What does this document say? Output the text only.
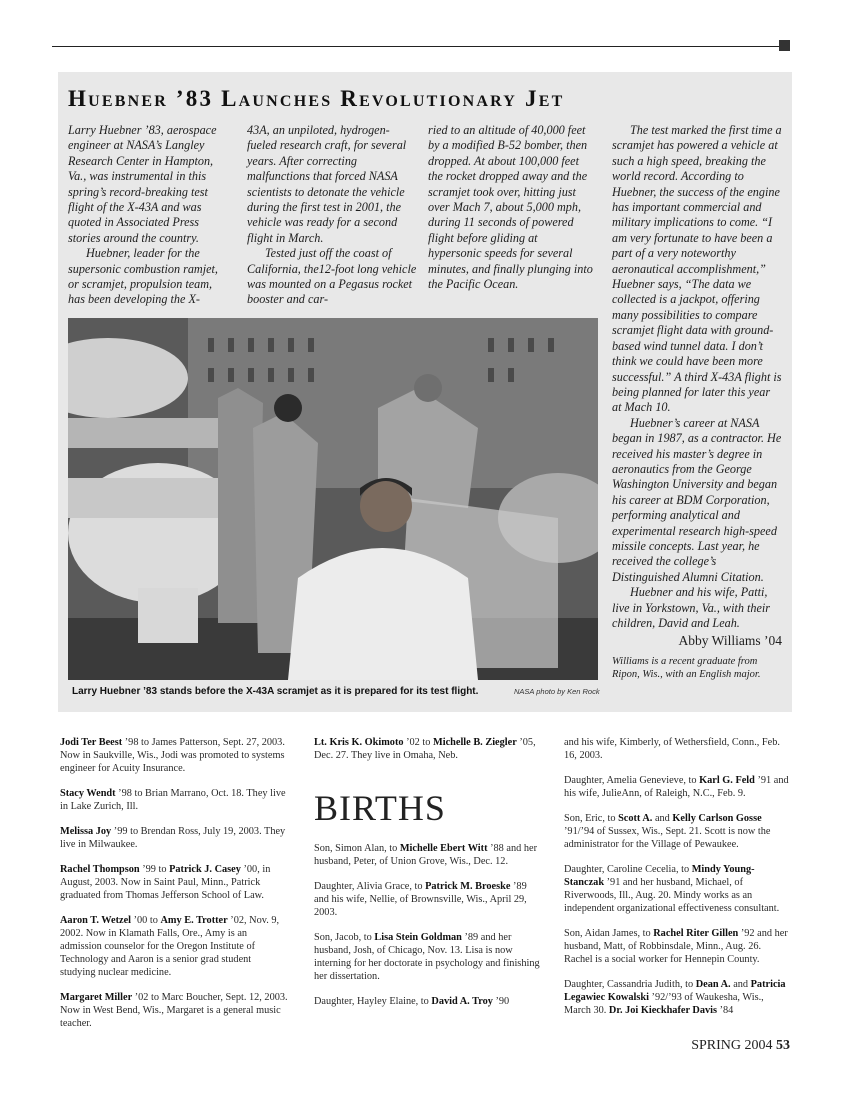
Huebner ’83 Launches Revolutionary Jet

Larry Huebner ’83, aerospace engineer at NASA’s Langley Research Center in Hampton, Va., was instrumental in this spring’s record-breaking test flight of the X-43A and was quoted in Associated Press stories around the country.

Huebner, leader for the supersonic combustion ramjet, or scramjet, propulsion team, has been developing the X-

43A, an unpiloted, hydrogen-fueled research craft, for several years. After correcting malfunctions that forced NASA scientists to detonate the vehicle during the first test in 2001, the vehicle was ready for a second flight in March.

Tested just off the coast of California, the12-foot long vehicle was mounted on a Pegasus rocket booster and car-

ried to an altitude of 40,000 feet by a modified B-52 bomber, then dropped. At about 100,000 feet the rocket dropped away and the scramjet took over, hitting just over Mach 7, about 5,000 mph, during 11 seconds of powered flight before gliding at hypersonic speeds for several minutes, and finally plunging into the Pacific Ocean.

The test marked the first time a scramjet has powered a vehicle at such a high speed, breaking the world record. According to Huebner, the success of the engine has important commercial and military implications to come. “I am very fortunate to have been a part of a very noteworthy aeronautical accomplishment,” Huebner says, “The data we collected is a jackpot, offering many possibilities to compare scramjet flight data with ground-based wind tunnel data. I don’t think we could have been more successful.” A third X-43A flight is being planned for later this year at Mach 10.

Huebner’s career at NASA began in 1987, as a contractor. He received his master’s degree in aeronautics from the George Washington University and began his career at BDM Corporation, performing analytical and experimental research high-speed missile concepts. Last year, he received the college’s Distinguished Alumni Citation.

Huebner and his wife, Patti, live in Yorkstown, Va., with their children, David and Leah.

Abby Williams ’04

Williams is a recent graduate from Ripon, Wis., with an English major.

Larry Huebner ’83 stands before the X-43A scramjet as it is prepared for its test flight.	NASA photo by Ken Rock

Jodi Ter Beest ’98 to James Patterson, Sept. 27, 2003. Now in Saukville, Wis., Jodi was promoted to systems engineer for Acuity Insurance.

Stacy Wendt ’98 to Brian Marrano, Oct. 18. They live in Lake Zurich, Ill.

Melissa Joy ’99 to Brendan Ross, July 19, 2003. They live in Milwaukee.

Rachel Thompson ’99 to Patrick J. Casey ’00, in August, 2003. Now in Saint Paul, Minn., Patrick graduated from Thomas Jefferson School of Law.

Aaron T. Wetzel ’00 to Amy E. Trotter ’02, Nov. 9, 2002. Now in Klamath Falls, Ore., Amy is an admission counselor for the Oregon Institute of Technology and Aaron is a senior grad student studying nuclear medicine.

Margaret Miller ’02 to Marc Boucher, Sept. 12, 2003. Now in West Bend, Wis., Margaret is a general music teacher.

Lt. Kris K. Okimoto ’02 to Michelle B. Ziegler ’05, Dec. 27. They live in Omaha, Neb.

BIRTHS

Son, Simon Alan, to Michelle Ebert Witt ’88 and her husband, Peter, of Union Grove, Wis., Dec. 12.

Daughter, Alivia Grace, to Patrick M. Broeske ’89 and his wife, Nellie, of Brownsville, Wis., April 29, 2003.

Son, Jacob, to Lisa Stein Goldman ’89 and her husband, Josh, of Chicago, Nov. 13. Lisa is now interning for her doctorate in psychology and finishing her dissertation.

Daughter, Hayley Elaine, to David A. Troy ’90

and his wife, Kimberly, of Wethersfield, Conn., Feb. 16, 2003.

Daughter, Amelia Genevieve, to Karl G. Feld ’91 and his wife, JulieAnn, of Raleigh, N.C., Feb. 9.

Son, Eric, to Scott A. and Kelly Carlson Gosse ’91/’94 of Sussex, Wis., Sept. 21. Scott is now the administrator for the Village of Pewaukee.

Daughter, Caroline Cecelia, to Mindy Young-Stanczak ’91 and her husband, Michael, of Riverwoods, Ill., Aug. 20. Mindy works as an independent organizational effectiveness consultant.

Son, Aidan James, to Rachel Riter Gillen ’92 and her husband, Matt, of Robbinsdale, Minn., Aug. 26. Rachel is a social worker for Hennepin County.

Daughter, Cassandria Judith, to Dean A. and Patricia Legawiec Kowalski ’92/’93 of Waukesha, Wis., March 30. Dr. Joi Kieckhafer Davis ’84

SPRING 2004 53
